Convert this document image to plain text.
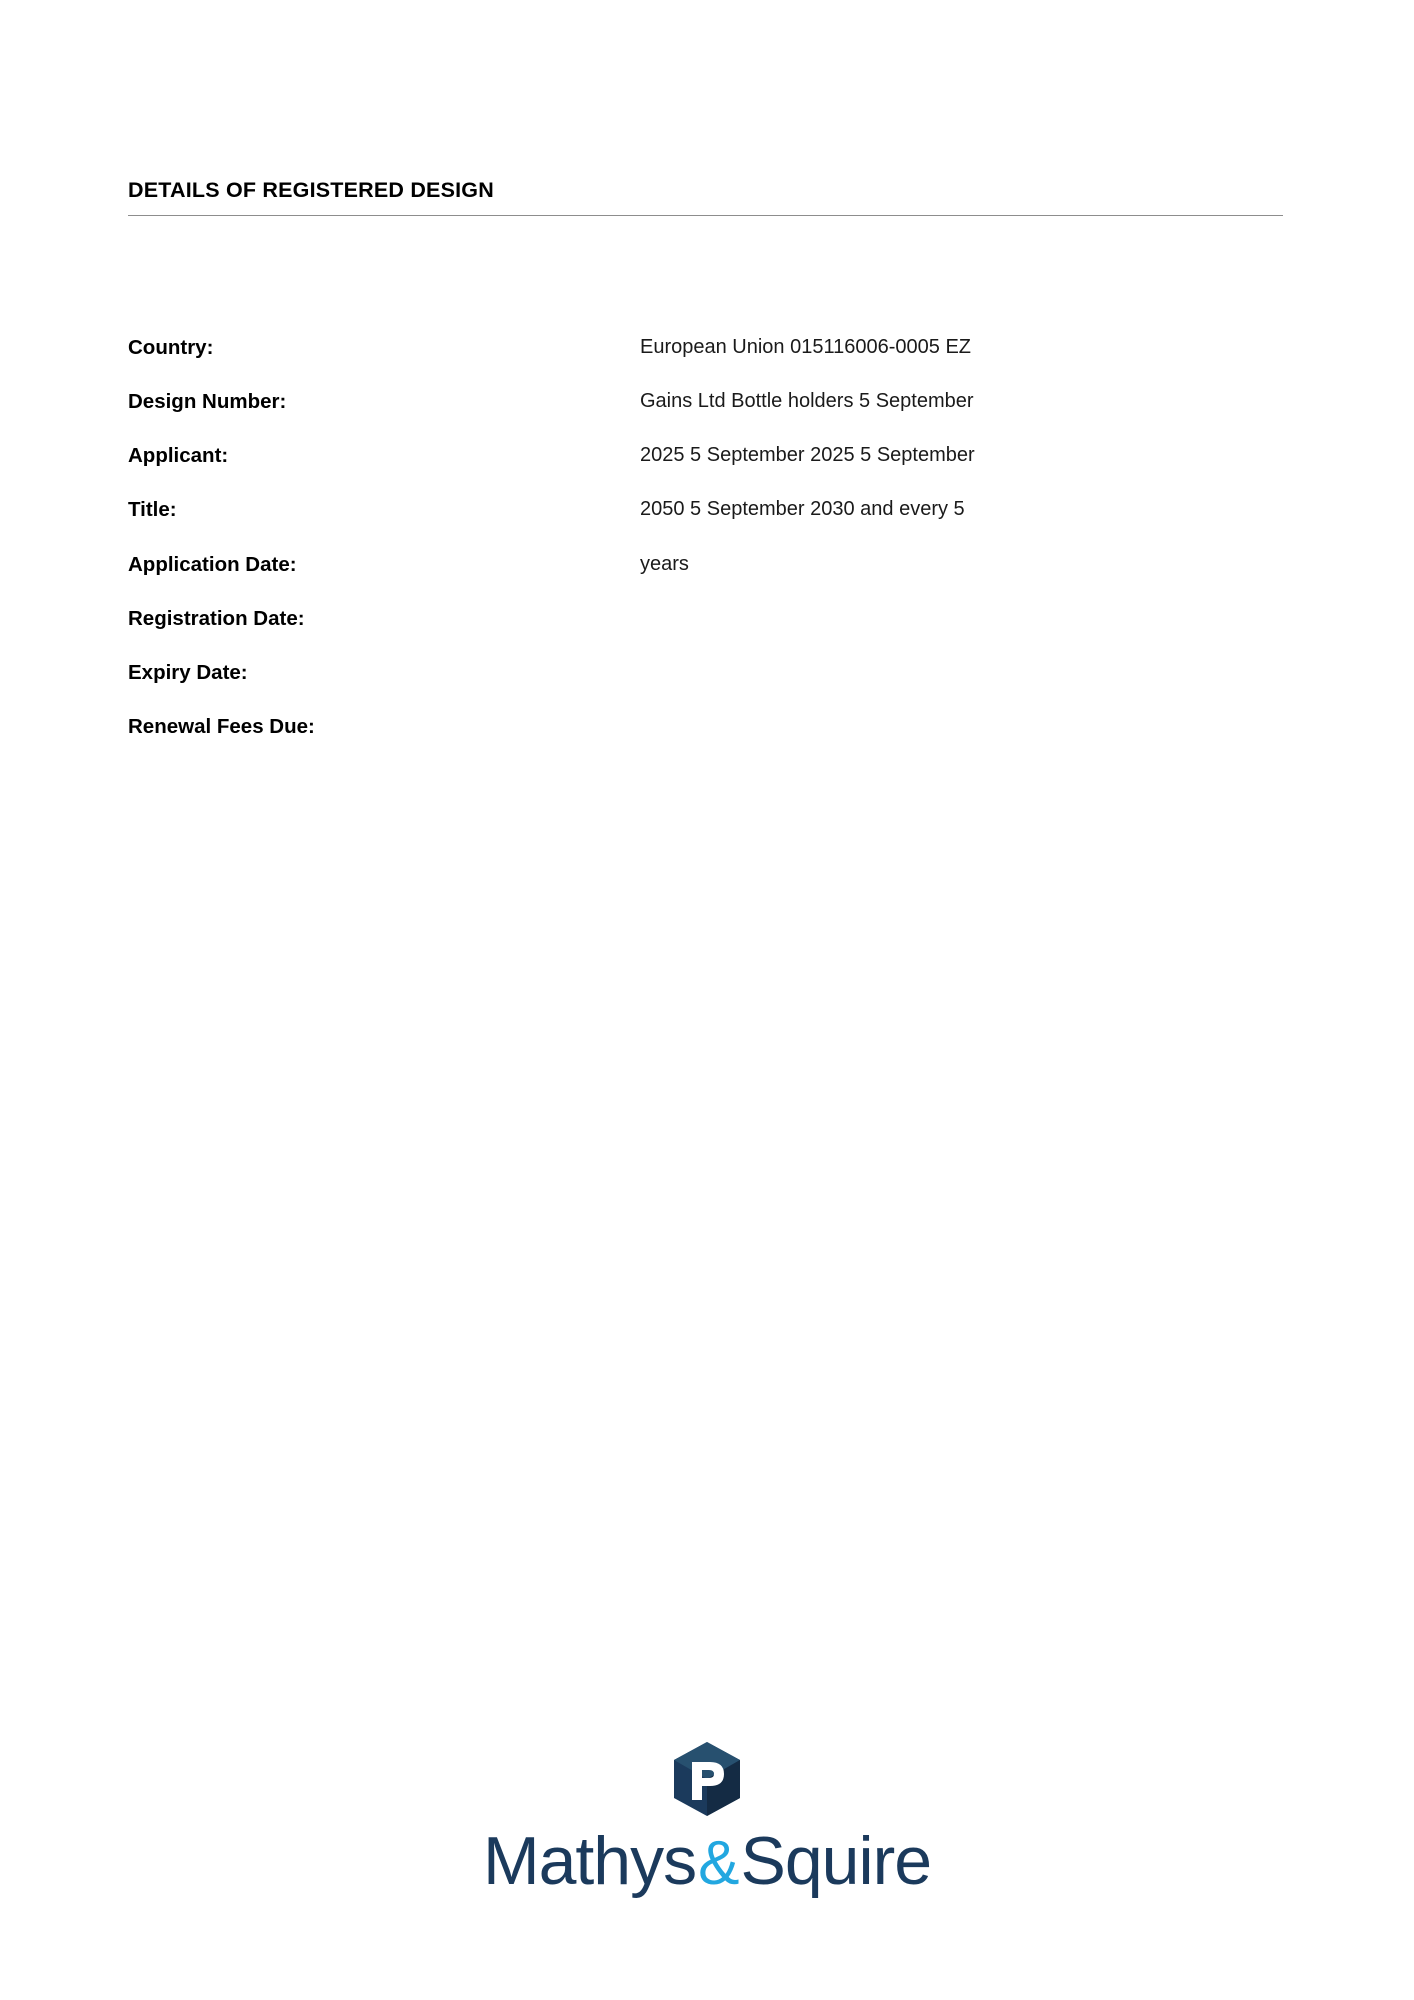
DETAILS OF REGISTERED DESIGN
Country:	European Union 015116006-0005 EZ
Design Number:	Gains Ltd Bottle holders 5 September
Applicant:	2025 5 September 2025 5 September
Title:	2050 5 September 2030 and every 5
Application Date:	years
Registration Date:
Expiry Date:
Renewal Fees Due:
Mathys & Squire
